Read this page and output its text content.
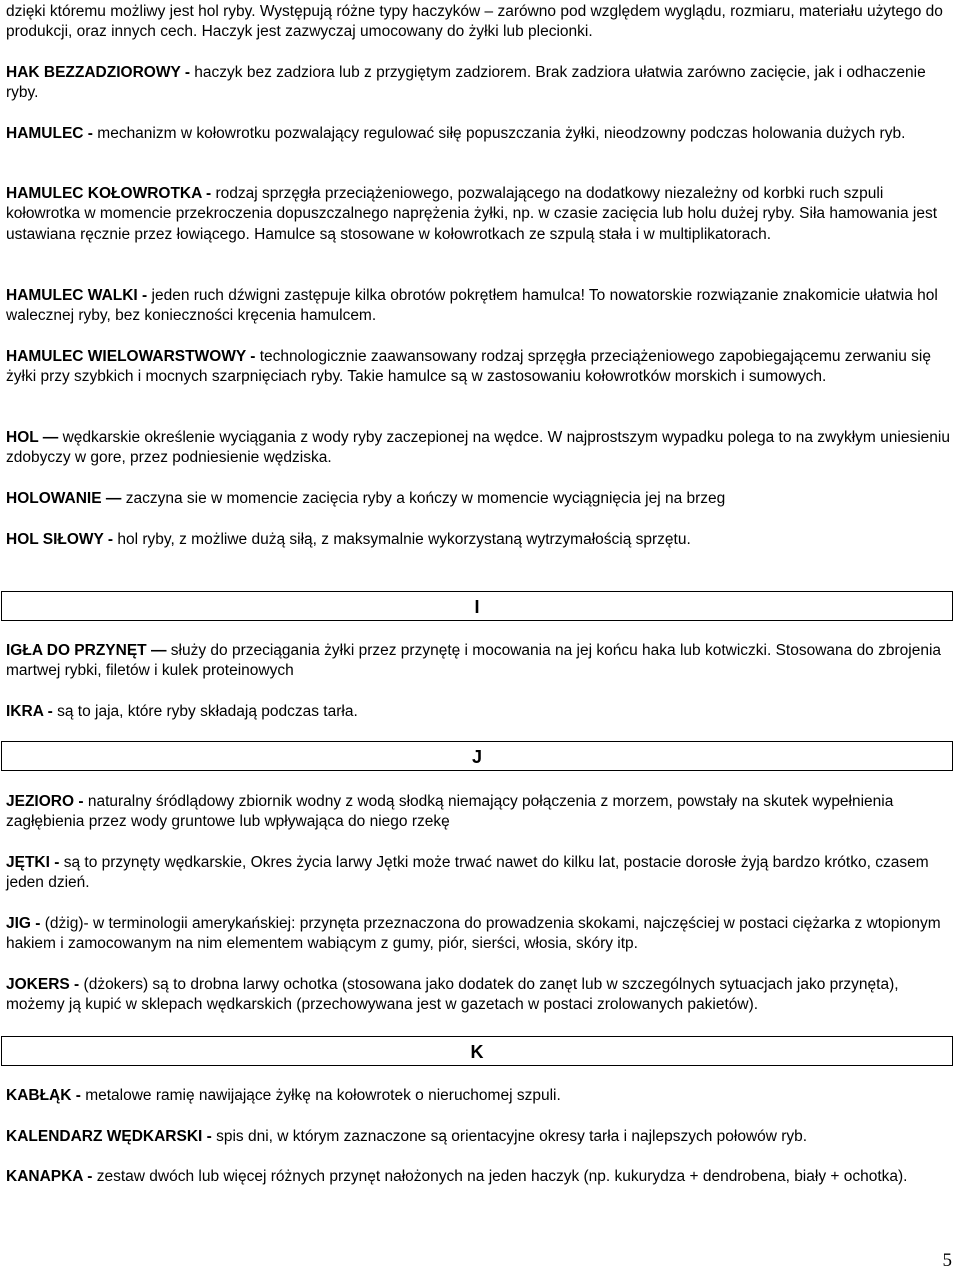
dzięki któremu możliwy jest hol ryby. Występują różne typy haczyków – zarówno pod względem wyglądu, rozmiaru, materiału użytego do produkcji, oraz innych cech. Haczyk jest zazwyczaj umocowany do żyłki lub plecionki.

HAK BEZZADZIOROWY - haczyk bez zadziora lub z przygiętym zadziorem. Brak zadziora ułatwia zarówno zacięcie, jak i odhaczenie ryby.

HAMULEC - mechanizm w kołowrotku pozwalający regulować siłę popuszczania żyłki, nieodzowny podczas holowania dużych ryb.

HAMULEC KOŁOWROTKA - rodzaj sprzęgła przeciążeniowego, pozwalającego na dodatkowy niezależny od korbki ruch szpuli kołowrotka w momencie przekroczenia dopuszczalnego naprężenia żyłki, np. w czasie zacięcia lub holu dużej ryby. Siła hamowania jest ustawiana ręcznie przez łowiącego. Hamulce są stosowane w kołowrotkach ze szpulą stała i w multiplikatorach.

HAMULEC WALKI - jeden ruch dźwigni zastępuje kilka obrotów pokrętłem hamulca! To nowatorskie rozwiązanie znakomicie ułatwia hol walecznej ryby, bez konieczności kręcenia hamulcem.

HAMULEC WIELOWARSTWOWY - technologicznie zaawansowany rodzaj sprzęgła przeciążeniowego zapobiegającemu zerwaniu się żyłki przy szybkich i mocnych szarpnięciach ryby. Takie hamulce są w zastosowaniu kołowrotków morskich i sumowych.

HOL — wędkarskie określenie wyciągania z wody ryby zaczepionej na wędce. W najprostszym wypadku polega to na zwykłym uniesieniu zdobyczy w gore, przez podniesienie wędziska.

HOLOWANIE — zaczyna sie w momencie zacięcia ryby a kończy w momencie wyciągnięcia jej na brzeg

HOL SIŁOWY - hol ryby, z możliwe dużą siłą, z maksymalnie wykorzystaną wytrzymałością sprzętu.

I

IGŁA DO PRZYNĘT — służy do przeciągania żyłki przez przynętę i mocowania na jej końcu haka lub kotwiczki. Stosowana do zbrojenia martwej rybki, filetów i kulek proteinowych

IKRA - są to jaja, które ryby składają podczas tarła.

J

JEZIORO - naturalny śródlądowy zbiornik wodny z wodą słodką niemający połączenia z morzem, powstały na skutek wypełnienia zagłębienia przez wody gruntowe lub wpływająca do niego rzekę

JĘTKI - są to przynęty wędkarskie, Okres życia larwy Jętki może trwać nawet do kilku lat, postacie dorosłe żyją bardzo krótko, czasem jeden dzień.

JIG - (dżig)- w terminologii amerykańskiej: przynęta przeznaczona do prowadzenia skokami, najczęściej w postaci ciężarka z wtopionym hakiem i zamocowanym na nim elementem wabiącym z gumy, piór, sierści, włosia, skóry itp.

JOKERS - (dżokers) są to drobna larwy ochotka (stosowana jako dodatek do zanęt lub w szczególnych sytuacjach jako przynęta), możemy ją kupić w sklepach wędkarskich (przechowywana jest w gazetach w postaci zrolowanych pakietów).

K

KABŁĄK - metalowe ramię nawijające żyłkę na kołowrotek o nieruchomej szpuli.

KALENDARZ WĘDKARSKI - spis dni, w którym zaznaczone są orientacyjne okresy tarła i najlepszych połowów ryb.

KANAPKA - zestaw dwóch lub więcej różnych przynęt nałożonych na jeden haczyk (np. kukurydza + dendrobena, biały + ochotka).

5
